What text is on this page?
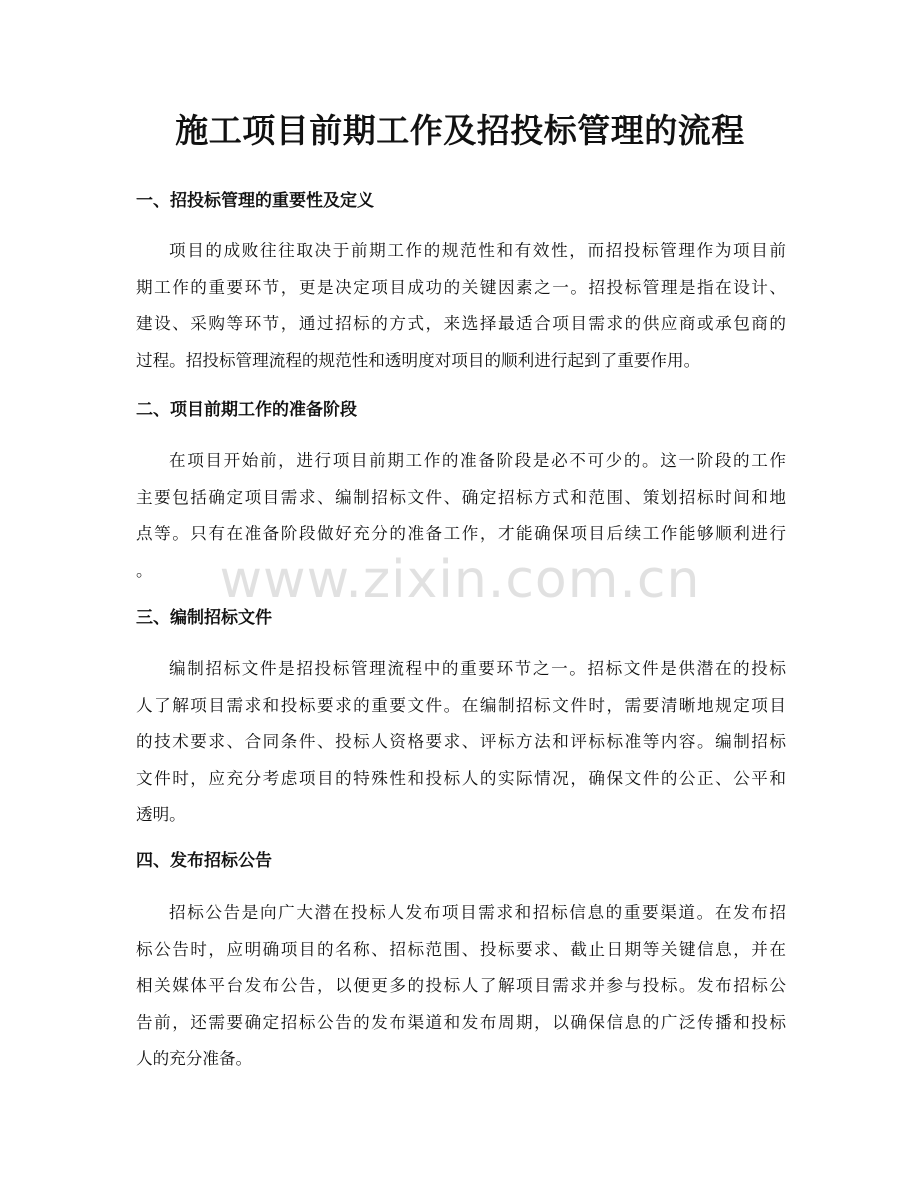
www.zixin.com.cn
施工项目前期工作及招投标管理的流程
一、招投标管理的重要性及定义
项目的成败往往取决于前期工作的规范性和有效性，而招投标管理作为项目前
期工作的重要环节，更是决定项目成功的关键因素之一。招投标管理是指在设计、
建设、采购等环节，通过招标的方式，来选择最适合项目需求的供应商或承包商的
过程。招投标管理流程的规范性和透明度对项目的顺利进行起到了重要作用。
二、项目前期工作的准备阶段
在项目开始前，进行项目前期工作的准备阶段是必不可少的。这一阶段的工作
主要包括确定项目需求、编制招标文件、确定招标方式和范围、策划招标时间和地
点等。只有在准备阶段做好充分的准备工作，才能确保项目后续工作能够顺利进行
。
三、编制招标文件
编制招标文件是招投标管理流程中的重要环节之一。招标文件是供潜在的投标
人了解项目需求和投标要求的重要文件。在编制招标文件时，需要清晰地规定项目
的技术要求、合同条件、投标人资格要求、评标方法和评标标准等内容。编制招标
文件时，应充分考虑项目的特殊性和投标人的实际情况，确保文件的公正、公平和
透明。
四、发布招标公告
招标公告是向广大潜在投标人发布项目需求和招标信息的重要渠道。在发布招
标公告时，应明确项目的名称、招标范围、投标要求、截止日期等关键信息，并在
相关媒体平台发布公告，以便更多的投标人了解项目需求并参与投标。发布招标公
告前，还需要确定招标公告的发布渠道和发布周期，以确保信息的广泛传播和投标
人的充分准备。
